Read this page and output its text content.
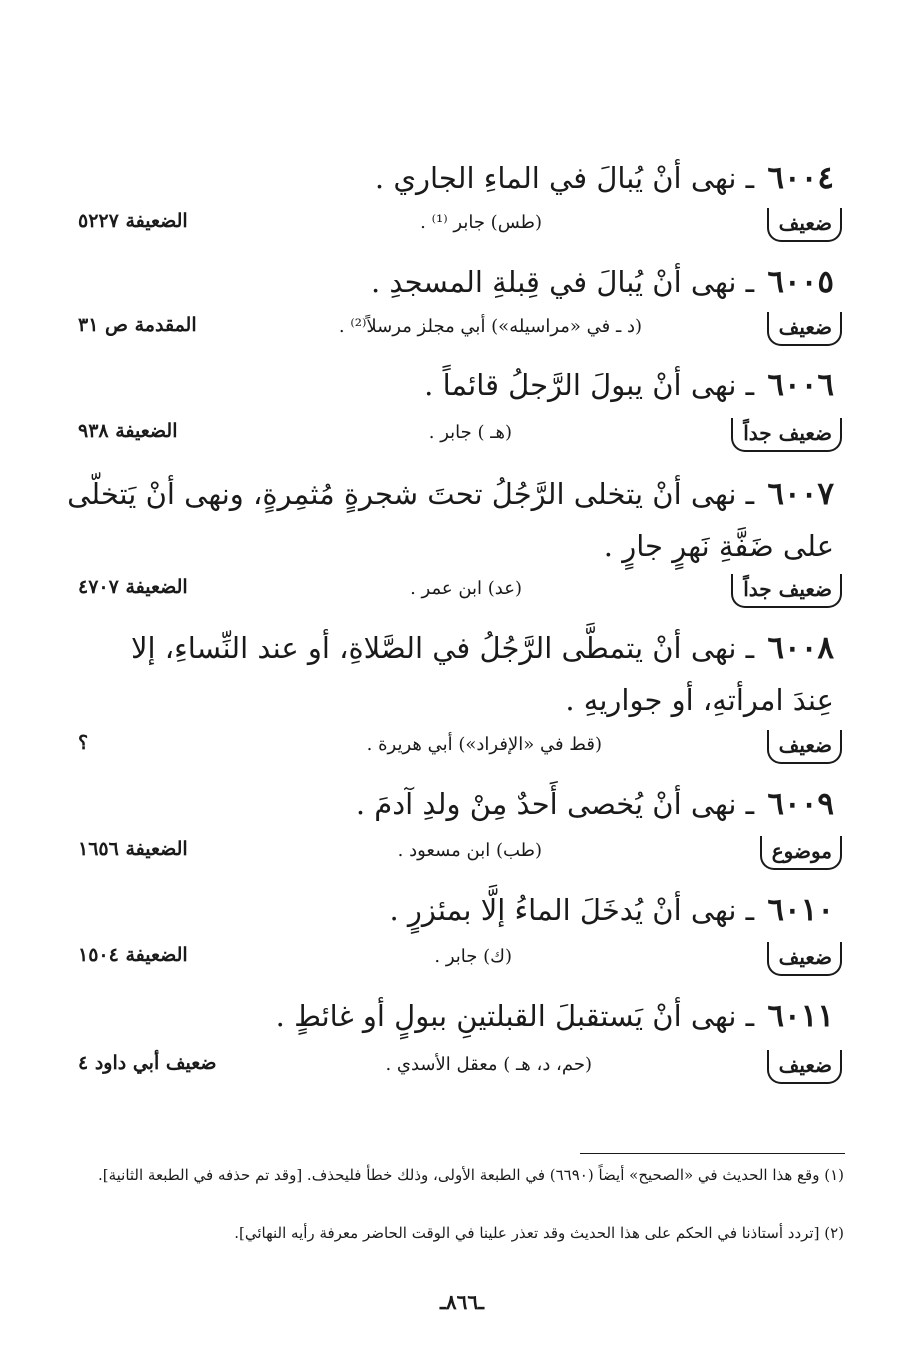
٦٠٠٤ ـ نهى أنْ يُبالَ في الماءِ الجاري .
ضعيف
(طس) جابر ⁽¹⁾ .
الضعيفة ٥٢٢٧
٦٠٠٥ ـ نهى أنْ يُبالَ في قِبلةِ المسجدِ .
ضعيف
(د ـ في «مراسيله») أبي مجلز مرسلاً⁽²⁾ .
المقدمة ص ٣١
٦٠٠٦ ـ نهى أنْ يبولَ الرَّجلُ قائماً .
ضعيف جداً
(هـ ) جابر .
الضعيفة ٩٣٨
٦٠٠٧ ـ نهى أنْ يتخلى الرَّجُلُ تحتَ شجرةٍ مُثمِرةٍ، ونهى أنْ يَتخلّى
على ضَفَّةِ نَهرٍ جارٍ .
ضعيف جداً
(عد) ابن عمر .
الضعيفة ٤٧٠٧
٦٠٠٨ ـ نهى أنْ يتمطَّى الرَّجُلُ في الصَّلاةِ، أو عند النِّساءِ، إلا
عِندَ امرأتهِ، أو جواريهِ .
ضعيف
(قط في «الإفراد») أبي هريرة .
؟
٦٠٠٩ ـ نهى أنْ يُخصى أَحدٌ مِنْ ولدِ آدمَ .
موضوع
(طب) ابن مسعود .
الضعيفة ١٦٥٦
٦٠١٠ ـ نهى أنْ يُدخَلَ الماءُ إلَّا بمئزرٍ .
ضعيف
(ك) جابر .
الضعيفة ١٥٠٤
٦٠١١ ـ نهى أنْ يَستقبلَ القبلتينِ ببولٍ أو غائطٍ .
ضعيف
(حم، د، هـ ) معقل الأسدي .
ضعيف أبي داود ٤
(١) وقع هذا الحديث في «الصحيح» أيضاً (٦٦٩٠) في الطبعة الأولى، وذلك خطأ فليحذف. [وقد تم حذفه في الطبعة الثانية].
(٢) [تردد أستاذنا في الحكم على هذا الحديث وقد تعذر علينا في الوقت الحاضر معرفة رأيه النهائي].
ـ٨٦٦ـ
